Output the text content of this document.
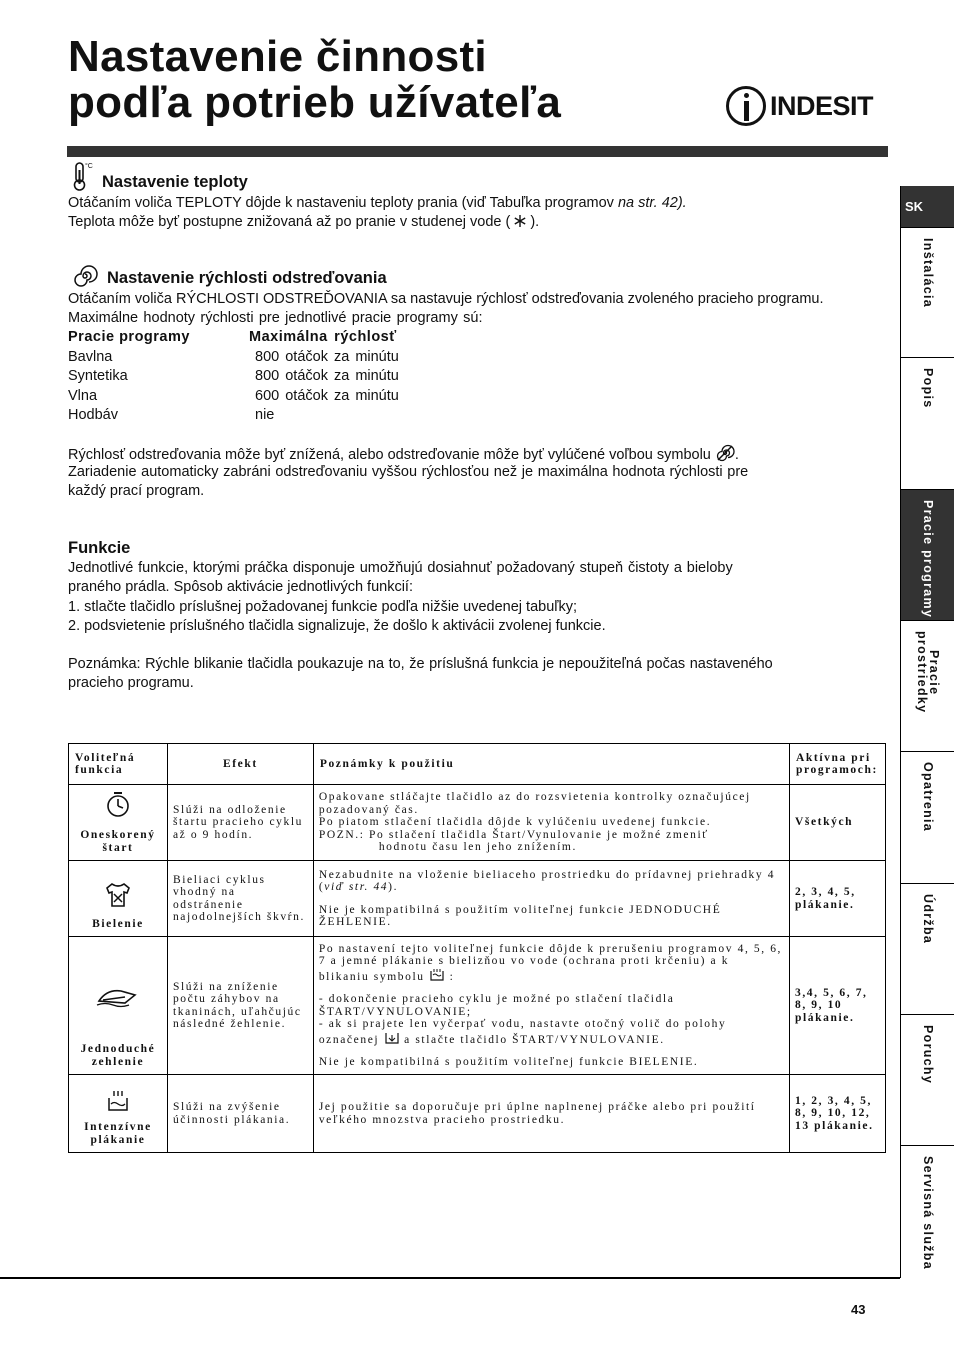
Nastavenie činnosti
podľa potrieb užívateľa	INDESIT
SK
Inštalácia
Popis
Pracie programy
Pracie
prostriedky
Opatrenia
Údržba
Poruchy
Servisná služba
°C
Nastavenie teploty
Otáčaním voliča TEPLOTY dôjde k nastaveniu teploty prania (viď Tabuľka programov na str. 42).
Teplota môže byť postupne znižovaná až po pranie v studenej vode ( ).
Nastavenie rýchlosti odstreďovania
Otáčaním voliča RÝCHLOSTI ODSTREĎOVANIA sa nastavuje rýchlosť odstreďovania zvoleného pracieho programu.
Maximálne hodnoty rýchlosti pre jednotlivé pracie programy sú:
Pracie programy	Maximálna rýchlosť
Bavlna	800 otáčok za minútu
Syntetika	800 otáčok za minútu
Vlna	600 otáčok za minútu
Hodbáv	nie
Rýchlosť odstreďovania môže byť znížená, alebo odstreďovanie môže byť vylúčené voľbou symbolu .
Zariadenie automaticky zabráni odstreďovaniu vyššou rýchlosťou než je maximálna hodnota rýchlosti pre
každý prací program.
Funkcie
Jednotlivé funkcie, ktorými práčka disponuje umožňujú dosiahnuť požadovaný stupeň čistoty a bieloby
praného prádla. Spôsob aktivácie jednotlivých funkcií:
1. stlačte tlačidlo príslušnej požadovanej funkcie podľa nižšie uvedenej tabuľky;
2. podsvietenie príslušného tlačidla signalizuje, že došlo k aktivácii zvolenej funkcie.
Poznámka: Rýchle blikanie tlačidla poukazuje na to, že príslušná funkcia je nepoužiteľná počas nastaveného
pracieho programu.
Voliteľná funkcia	Efekt	Poznámky k použitiu	Aktívna pri programoch:

Oneskorený štart	Slúži na odloženie štartu pracieho cyklu až o 9 hodín.	Opakovane stláčajte tlačidlo az do rozsvietenia kontrolky označujúcej pozadovaný čas.
Po piatom stlačení tlačidla dôjde k vylúčeniu uvedenej funkcie.
POZN.: Po stlačení tlačidla Štart/Vynulovanie je možné zmeniť
hodnotu času len jeho znížením.	Všetkých

Bielenie	Bieliaci cyklus vhodný na odstránenie najodolnejších škvŕn.	Nezabudnite na vloženie bieliaceho prostriedku do prídavnej priehradky 4 (viď str. 44).
Nie je kompatibilná s použitím voliteľnej funkcie JEDNODUCHÉ ŽEHLENIE.	2, 3, 4, 5, plákanie.

Jednoduché zehlenie	Slúži na zníženie počtu záhybov na tkaninách, uľahčujúc následné žehlenie.	Po nastavení tejto voliteľnej funkcie dôjde k prerušeniu programov 4, 5, 6, 7 a jemné plákanie s bielizňou vo vode (ochrana proti krčeniu) a k blikaniu symbolu :
- dokončenie pracieho cyklu je možné po stlačení tlačidla ŠTART/VYNULOVANIE;
- ak si prajete len vyčerpať vodu, nastavte otočný volič do polohy označenej a stlačte tlačidlo ŠTART/VYNULOVANIE.
Nie je kompatibilná s použitím voliteľnej funkcie BIELENIE.	3,4, 5, 6, 7, 8, 9, 10 plákanie.

Intenzívne plákanie	Slúži na zvýšenie účinnosti plákania.	Jej použitie sa doporučuje pri úplne naplnenej práčke alebo pri použití veľkého mnozstva pracieho prostriedku.	1, 2, 3, 4, 5, 8, 9, 10, 12, 13 plákanie.
43
